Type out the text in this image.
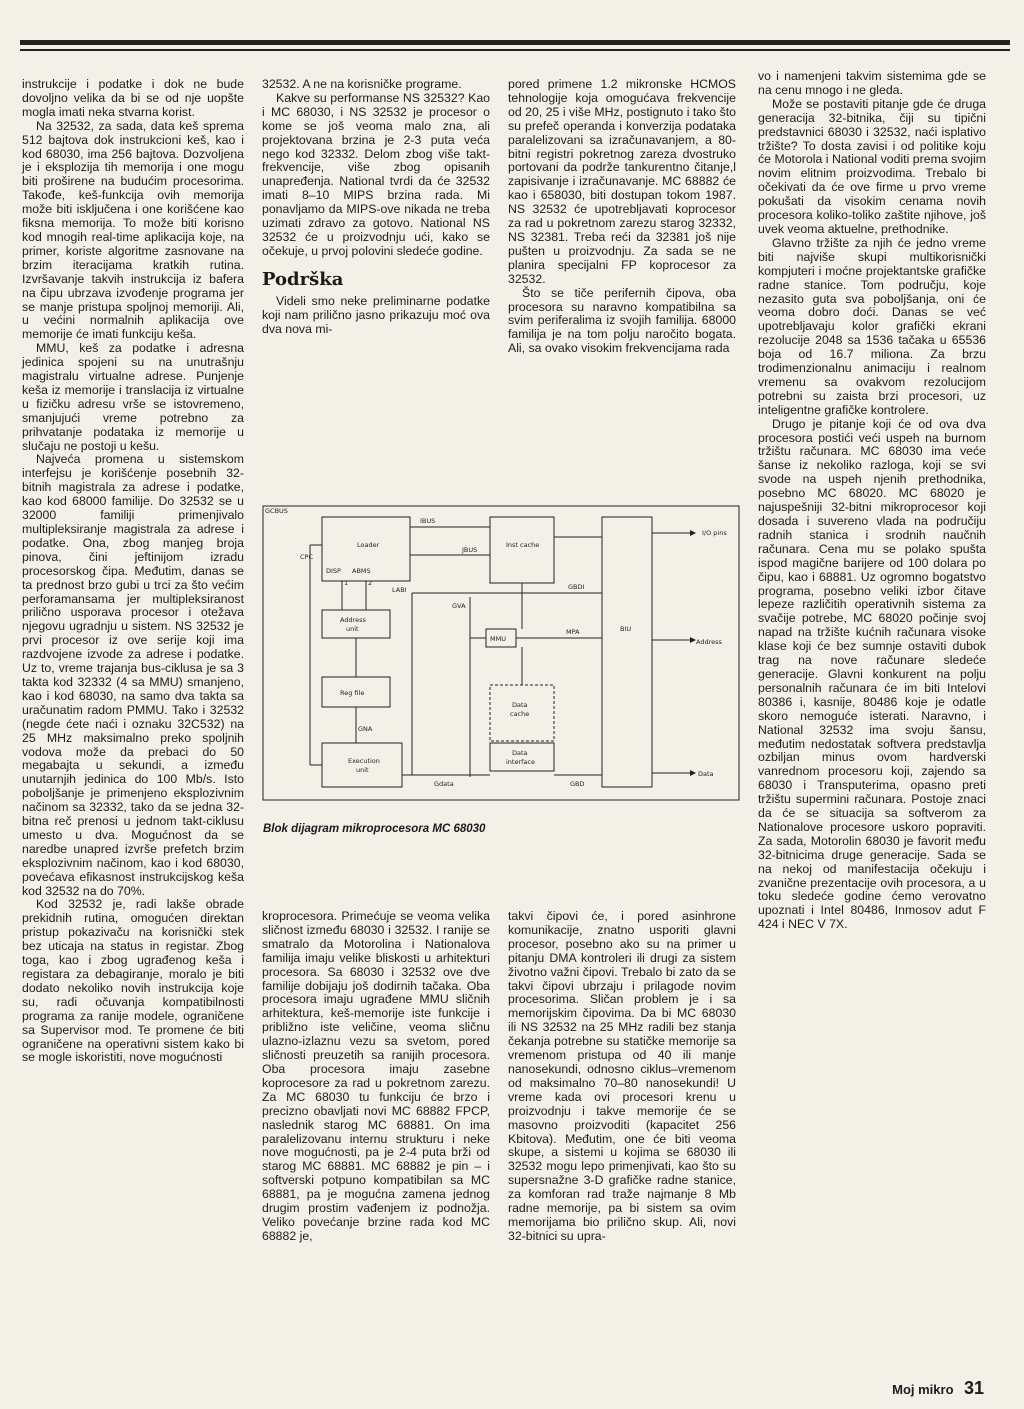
instrukcije i podatke i dok ne bude dovoljno velika da bi se od nje uopšte mogla imati neka stvarna korist.

Na 32532, za sada, data keš sprema 512 bajtova dok instrukcioni keš, kao i kod 68030, ima 256 bajtova. Dozvoljena je i eksplozija tih memorija i one mogu biti proširene na budućim procesorima. Takođe, keš-funkcija ovih memorija može biti isključena i one korišćene kao fiksna memorija. To može biti korisno kod mnogih real-time aplikacija koje, na primer, koriste algoritme zasnovane na brzim iteracijama kratkih rutina. Izvršavanje takvih instrukcija iz bafera na čipu ubrzava izvođenje programa jer se manje pristupa spoljnoj memoriji. Ali, u većini normalnih aplikacija ove memorije će imati funkciju keša.

MMU, keš za podatke i adresna jedinica spojeni su na unutrašnju magistralu virtualne adrese. Punjenje keša iz memorije i translacija iz virtualne u fizičku adresu vrše se istovremeno, smanjujući vreme potrebno za prihvatanje podataka iz memorije u slučaju ne postoji u kešu.

Najveća promena u sistemskom interfejsu je korišćenje posebnih 32-bitnih magistrala za adrese i podatke, kao kod 68000 familije. Do 32532 se u 32000 familiji primenjivalo multipleksiranje magistrala za adrese i podatke. Ona, zbog manjeg broja pinova, čini jeftinijom izradu procesorskog čipa. Međutim, danas se ta prednost brzo gubi u trci za što većim perforamansama jer multipleksiranost prilično usporava procesor i otežava njegovu ugradnju u sistem. NS 32532 je prvi procesor iz ove serije koji ima razdvojene izvode za adrese i podatke. Uz to, vreme trajanja bus-ciklusa je sa 3 takta kod 32332 (4 sa MMU) smanjeno, kao i kod 68030, na samo dva takta sa uračunatim radom PMMU. Tako i 32532 (negde ćete naći i oznaku 32C532) na 25 MHz maksimalno preko spoljnih vodova može da prebaci do 50 megabajta u sekundi, a između unutarnjih jedinica do 100 Mb/s. Isto poboljšanje je primenjeno eksplozivnim načinom sa 32332, tako da se jedna 32-bitna reč prenosi u jednom takt-ciklusu umesto u dva. Mogućnost da se naredbe unapred izvrše prefetch brzim eksplozivnim načinom, kao i kod 68030, povećava efikasnost instrukcijskog keša kod 32532 na do 70%.

Kod 32532 je, radi lakše obrade prekidnih rutina, omogućen direktan pristup pokazivaču na korisnički stek bez uticaja na status in registar. Zbog toga, kao i zbog ugrađenog keša i registara za debagiranje, moralo je biti dodato nekoliko novih instrukcija koje su, radi očuvanja kompatibilnosti programa za ranije modele, ograničene sa Supervisor mod. Te promene će biti ograničene na operativni sistem kako bi se mogle iskoristiti, nove mogućnosti

32532. A ne na korisničke programe.

Kakve su performanse NS 32532? Kao i MC 68030, i NS 32532 je procesor o kome se još veoma malo zna, ali projektovana brzina je 2-3 puta veća nego kod 32332. Delom zbog više takt-frekvencije, više zbog opisanih unapređenja. National tvrdi da će 32532 imati 8–10 MIPS brzina rada. Mi ponavljamo da MIPS-ove nikada ne treba uzimati zdravo za gotovo. National NS 32532 će u proizvodnju ući, kako se očekuje, u prvoj polovini sledeće godine.

Podrška

Videli smo neke preliminarne podatke koji nam prilično jasno prikazuju moć ova dva nova mi-

pored primene 1.2 mikronske HCMOS tehnologije koja omogućava frekvencije od 20, 25 i više MHz, postignuto i tako što su prefeč operanda i konverzija podataka paralelizovani sa izračunavanjem, a 80-bitni registri pokretnog zareza dvostruko portovani da podrže tankurentno čitanje,l zapisivanje i izračunavanje. MC 68882 će kao i 658030, biti dostupan tokom 1987. NS 32532 će upotrebljavati koprocesor za rad u pokretnom zarezu starog 32332, NS 32381. Treba reći da 32381 još nije pušten u proizvodnju. Za sada se ne planira specijalni FP koprocesor za 32532.

Što se tiče perifernih čipova, oba procesora su naravno kompatibilna sa svim periferalima iz svojih familija. 68000 familija je na tom polju naročito bogata. Ali, sa ovako visokim frekvencijama rada

vo i namenjeni takvim sistemima gde se na cenu mnogo i ne gleda.

Može se postaviti pitanje gde će druga generacija 32-bitnika, čiji su tipični predstavnici 68030 i 32532, naći isplativo tržište? To dosta zavisi i od politike koju će Motorola i National voditi prema svojim novim elitnim proizvodima. Trebalo bi očekivati da će ove firme u prvo vreme pokušati da visokim cenama novih procesora koliko-toliko zaštite njihove, još uvek veoma aktuelne, prethodnike.

Glavno tržište za njih će jedno vreme biti najviše skupi multikorisnički kompjuteri i moćne projektantske grafičke radne stanice. Tom području, koje nezasito guta sva poboljšanja, oni će veoma dobro doći. Danas se već upotrebljavaju kolor grafički ekrani rezolucije 2048 sa 1536 tačaka u 65536 boja od 16.7 miliona. Za brzu trodimenzionalnu animaciju i realnom vremenu sa ovakvom rezolucijom potrebni su zaista brzi procesori, uz inteligentne grafičke kontrolere.

Drugo je pitanje koji će od ova dva procesora postići veći uspeh na burnom tržištu računara. MC 68030 ima veće šanse iz nekoliko razloga, koji se svi svode na uspeh njenih prethodnika, posebno MC 68020. MC 68020 je najuspešniji 32-bitni mikroprocesor koji dosada i suvereno vlada na područiju radnih stanica i srodnih naučnih računara. Cena mu se polako spušta ispod magične barijere od 100 dolara po čipu, kao i 68881. Uz ogromno bogatstvo programa, posebno veliki izbor čitave lepeze različitih operativnih sistema za svačije potrebe, MC 68020 počinje svoj napad na tržište kućnih računara visoke klase koji će bez sumnje ostaviti dubok trag na nove računare sledeće generacije. Glavni konkurent na polju personalnih računara će im biti Intelovi 80386 i, kasnije, 80486 koje je odatle skoro nemoguće isterati. Naravno, i National 32532 ima svoju šansu, međutim nedostatak softvera predstavlja ozbiljan minus ovom hardverski vanrednom procesoru koji, zajendo sa 68030 i Transputerima, opasno preti tržištu supermini računara. Postoje znaci da će se situacija sa softverom za Nationalove procesore uskoro popraviti. Za sada, Motorolin 68030 je favorit među 32-bitnicima druge generacije. Sada se na nekoj od manifestacija očekuju i zvanične prezentacije ovih procesora, a u toku sledeće godine ćemo verovatno upoznati i Intel 80486, Inmosov adut F 424 i NEC V 7X.

GCBUS
Loader
IBUS
JBUS
Inst cache
I/O pins
CPC
DISP ABMS
1	2
LABI	GBDI
Address
unit
GVA
MMU
MPA	BIU
Address
Reg file
GNA
Data
cache
Data
interface
Execution
unit
Gdata	GBD
Data
Blok dijagram mikroprocesora MC 68030

kroprocesora. Primećuje se veoma velika sličnost između 68030 i 32532. I ranije se smatralo da Motorolina i Nationalova familija imaju velike bliskosti u arhitekturi procesora. Sa 68030 i 32532 ove dve familije dobijaju još dodirnih tačaka. Oba procesora imaju ugrađene MMU sličnih arhitektura, keš-memorije iste funkcije i približno iste veličine, veoma sličnu ulazno-izlaznu vezu sa svetom, pored sličnosti preuzetih sa ranijih procesora. Oba procesora imaju zasebne koprocesore za rad u pokretnom zarezu. Za MC 68030 tu funkciju će brzo i precizno obavljati novi MC 68882 FPCP, naslednik starog MC 68881. On ima paralelizovanu internu strukturu i neke nove mogućnosti, pa je 2-4 puta brži od starog MC 68881. MC 68882 je pin – i softverski potpuno kompatibilan sa MC 68881, pa je mogućna zamena jednog drugim prostim vađenjem iz podnožja. Veliko povećanje brzine rada kod MC 68882 je,

takvi čipovi će, i pored asinhrone komunikacije, znatno usporiti glavni procesor, posebno ako su na primer u pitanju DMA kontroleri ili drugi za sistem životno važni čipovi. Trebalo bi zato da se takvi čipovi ubrzaju i prilagode novim procesorima. Sličan problem je i sa memorijskim čipovima. Da bi MC 68030 ili NS 32532 na 25 MHz radili bez stanja čekanja potrebne su statičke memorije sa vremenom pristupa od 40 ili manje nanosekundi, odnosno ciklus–vremenom od maksimalno 70–80 nanosekundi! U vreme kada ovi procesori krenu u proizvodnju i takve memorije će se masovno proizvoditi (kapacitet 256 Kbitova). Međutim, one će biti veoma skupe, a sistemi u kojima se 68030 ili 32532 mogu lepo primenjivati, kao što su supersnažne 3-D grafičke radne stanice, za komforan rad traže najmanje 8 Mb radne memorije, pa bi sistem sa ovim memorijama bio prilično skup. Ali, novi 32-bitnici su upra-

Moj mikro 31
